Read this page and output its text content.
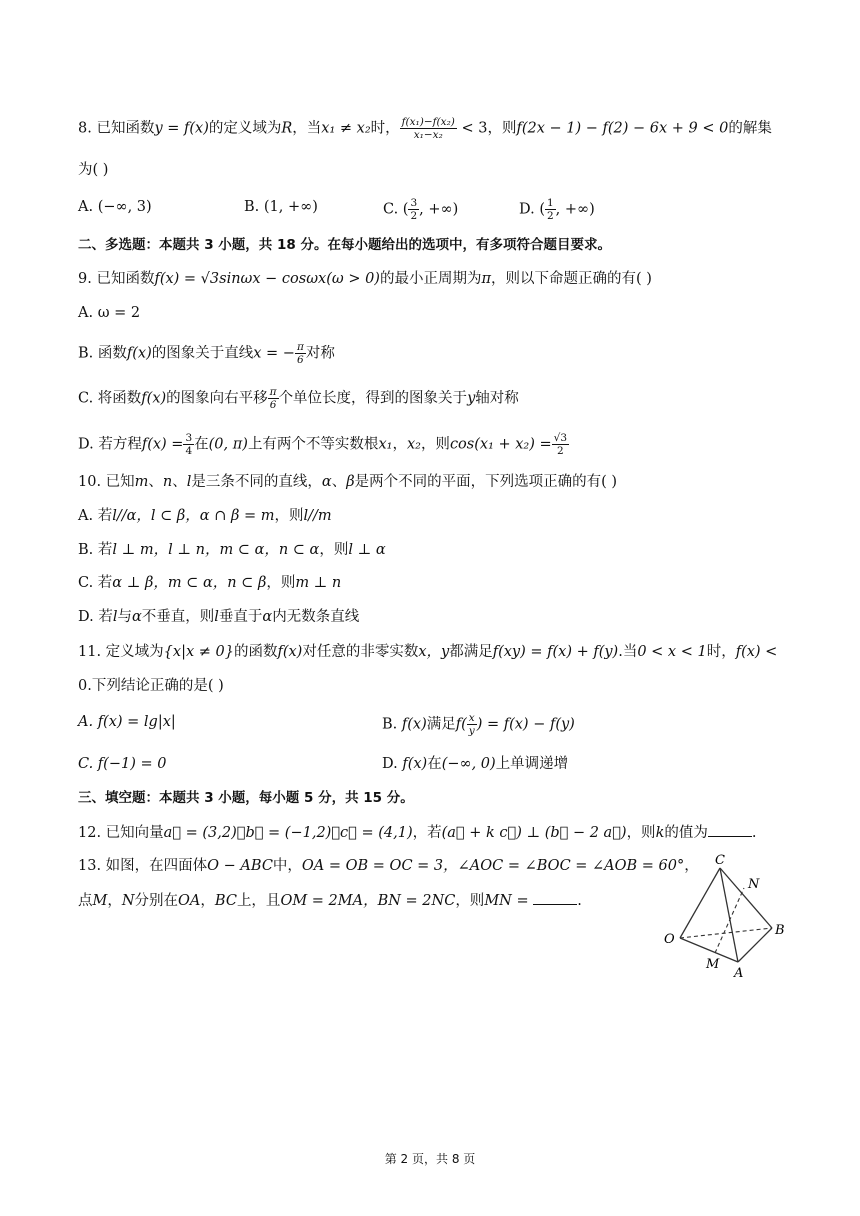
8. 已知函数y = f(x)的定义域为R，当x₁ ≠ x₂时， $\frac{\text{f(x₁)−f(x₂)}}{\text{x₁−x₂}} < 3$，则f(2x − 1) − f(2) − 6x + 9 < 0的解集
为( )
A. (−∞, 3)	B. (1, +∞)	C. ( $\frac{3}{2}$ , +∞)	D. ( $\frac{1}{2}$ , +∞)
二、多选题：本题共 3 小题，共 18 分。在每小题给出的选项中，有多项符合题目要求。
9. 已知函数f(x) = √3sinωx − cosωx(ω > 0)的最小正周期为π，则以下命题正确的有( )
A. ω = 2
B. 函数f(x)的图象关于直线x = − $\frac{\pi}{6}$ 对称
C. 将函数f(x)的图象向右平移 $\frac{\pi}{6}$ 个单位长度，得到的图象关于y轴对称
D. 若方程$f(x) = \frac{3}{4}$ 在(0, π)上有两个不等实数根x₁，x₂，则$\cos(x_1 + x_2) = \frac{√3}{2}$
10. 已知m、n、l是三条不同的直线，α、β是两个不同的平面，下列选项正确的有( )
A. 若l//α，l ⊂ β，α ∩ β = m，则l//m
B. 若l ⊥ m，l ⊥ n，m ⊂ α，n ⊂ α，则l ⊥ α
C. 若α ⊥ β，m ⊂ α，n ⊂ β，则m ⊥ n
D. 若l与α不垂直，则l垂直于α内无数条直线
11. 定义域为{x|x ≠ 0}的函数f(x)对任意的非零实数x，y都满足f(xy) = f(x) + f(y).当0 < x < 1时，f(x) <
0.下列结论正确的是( )
A. f(x) = lg|x|	B. f(x)满足$f( \frac{x}{y}$ ) = f(x) − f(y)
C. f(−1) = 0	D. f(x)在(−∞, 0)上单调递增
三、填空题：本题共 3 小题，每小题 5 分，共 15 分。
12. 已知向量a⃗ = (3,2)，b⃗ = (−1,2)，c⃗ = (4,1)，若(a⃗ + k c⃗) ⊥ (b⃗ − 2 a⃗)，则k的值为	.
13. 如图，在四面体O − ABC中，OA = OB = OC = 3，∠AOC = ∠BOC = ∠AOB = 60°，
点M，N分别在OA，BC上，且OM = 2MA，BN = 2NC，则MN =	.
C
N
O
B
M
A
第 2 页，共 8 页
